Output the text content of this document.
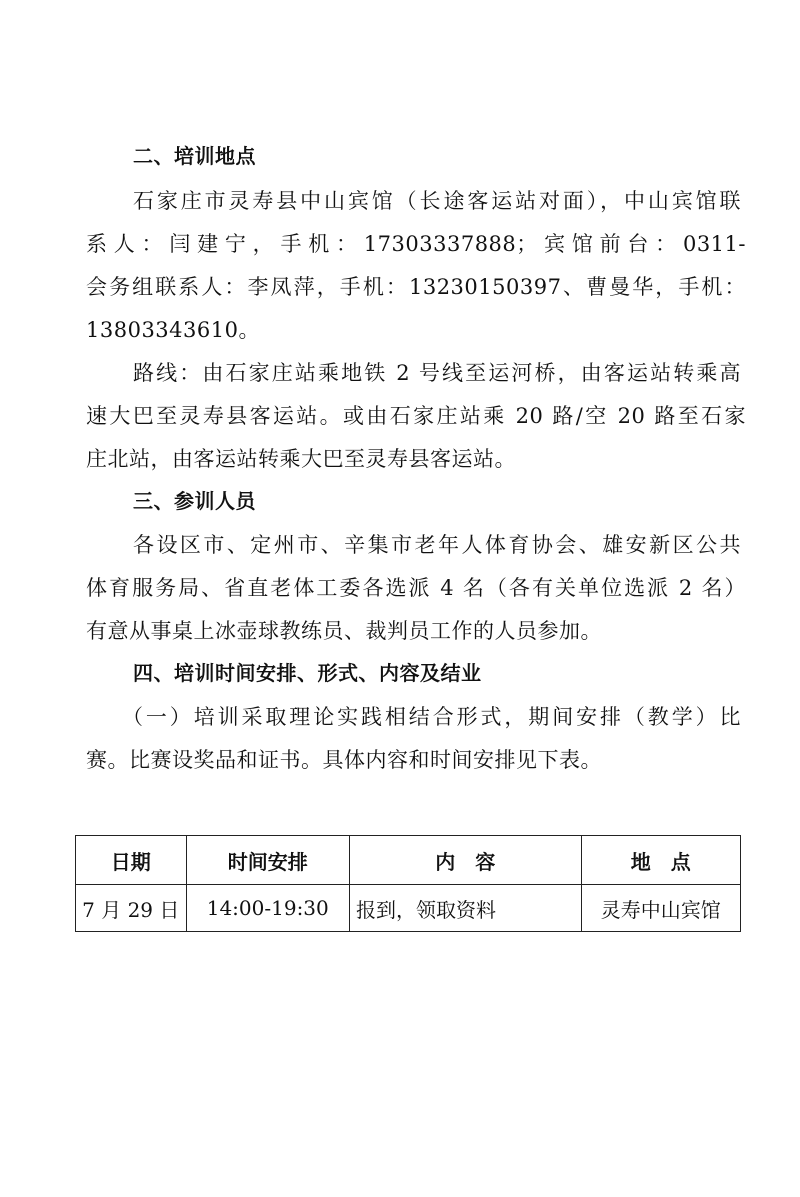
二、培训地点
石家庄市灵寿县中山宾馆（长途客运站对面），中山宾馆联
系人：闫建宁，手机：17303337888；宾馆前台：0311-
会务组联系人：李凤萍，手机：13230150397、曹曼华，手机：
13803343610。
路线：由石家庄站乘地铁 2 号线至运河桥，由客运站转乘高
速大巴至灵寿县客运站。或由石家庄站乘 20 路/空 20 路至石家
庄北站，由客运站转乘大巴至灵寿县客运站。
三、参训人员
各设区市、定州市、辛集市老年人体育协会、雄安新区公共
体育服务局、省直老体工委各选派 4 名（各有关单位选派 2 名）
有意从事桌上冰壶球教练员、裁判员工作的人员参加。
四、培训时间安排、形式、内容及结业
（一）培训采取理论实践相结合形式，期间安排（教学）比
赛。比赛设奖品和证书。具体内容和时间安排见下表。
日期	时间安排	内　容	地　点
7 月 29 日	14:00-19:30	报到，领取资料	灵寿中山宾馆
